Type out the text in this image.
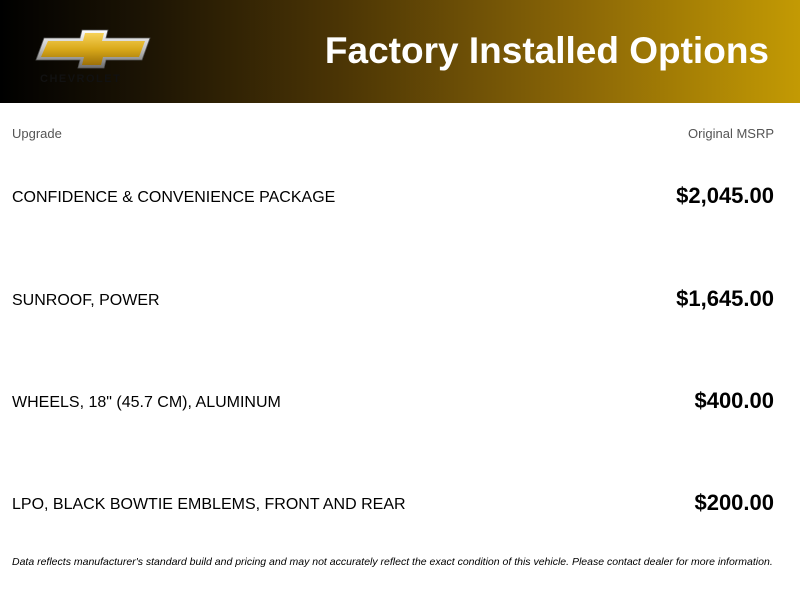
CHEVROLET
Factory Installed Options
Upgrade	Original MSRP
CONFIDENCE & CONVENIENCE PACKAGE	$2,045.00
SUNROOF, POWER	$1,645.00
WHEELS, 18" (45.7 CM), ALUMINUM	$400.00
LPO, BLACK BOWTIE EMBLEMS, FRONT AND REAR	$200.00
Data reflects manufacturer's standard build and pricing and may not accurately reflect the exact condition of this vehicle. Please contact dealer for more information.
